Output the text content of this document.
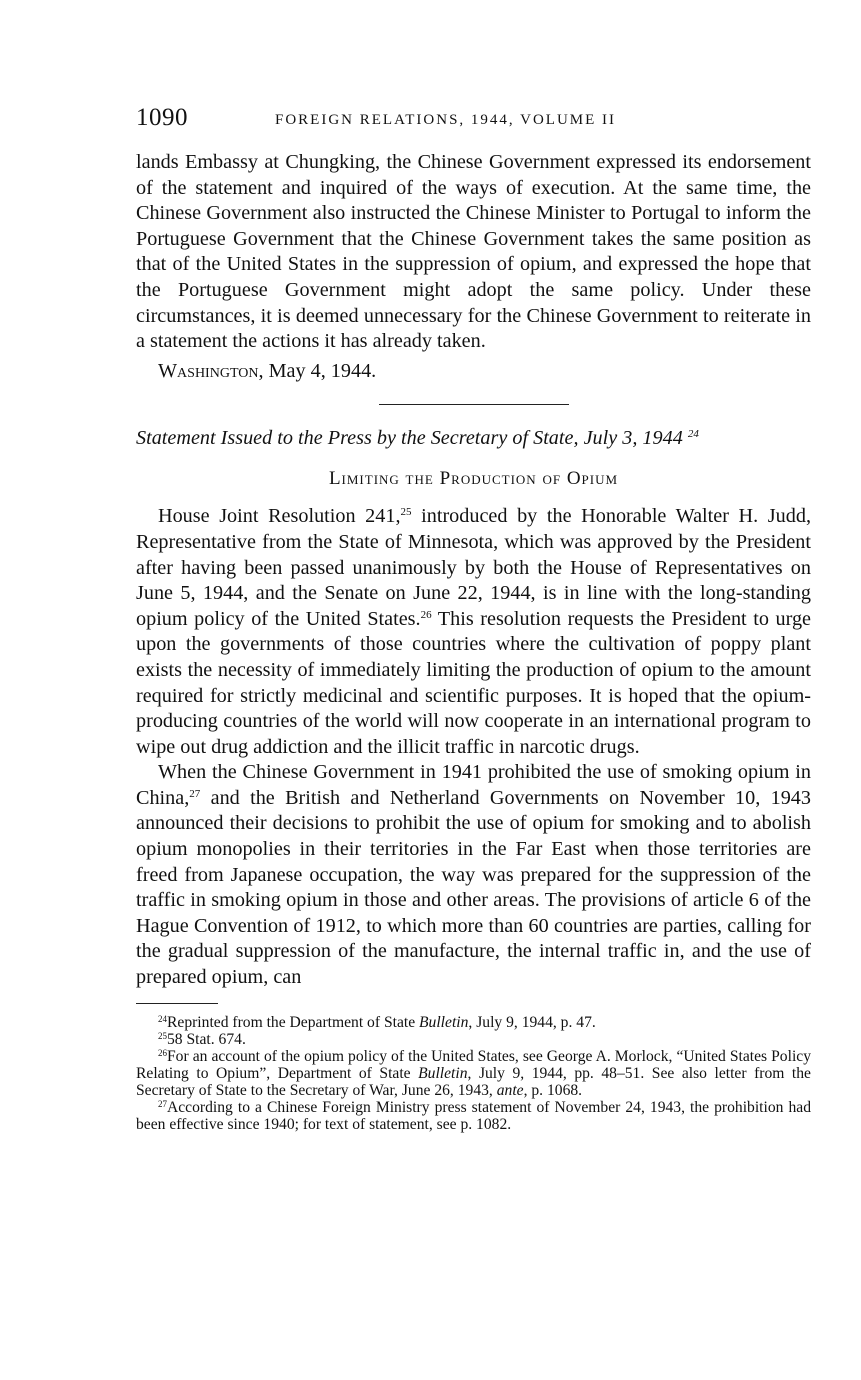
1090	FOREIGN RELATIONS, 1944, VOLUME II

lands Embassy at Chungking, the Chinese Government expressed its endorsement of the statement and inquired of the ways of execution. At the same time, the Chinese Government also instructed the Chinese Minister to Portugal to inform the Portuguese Government that the Chinese Government takes the same position as that of the United States in the suppression of opium, and expressed the hope that the Portuguese Government might adopt the same policy. Under these circumstances, it is deemed unnecessary for the Chinese Government to reiterate in a statement the actions it has already taken.

Washington, May 4, 1944.

Statement Issued to the Press by the Secretary of State, July 3, 1944 $^{24}$

Limiting the Production of Opium

House Joint Resolution 241,25 introduced by the Honorable Walter H. Judd, Representative from the State of Minnesota, which was approved by the President after having been passed unanimously by both the House of Representatives on June 5, 1944, and the Senate on June 22, 1944, is in line with the long-standing opium policy of the United States.$^{26}$ This resolution requests the President to urge upon the governments of those countries where the cultivation of poppy plant exists the necessity of immediately limiting the production of opium to the amount required for strictly medicinal and scientific purposes. It is hoped that the opium-producing countries of the world will now cooperate in an international program to wipe out drug addiction and the illicit traffic in narcotic drugs.

When the Chinese Government in 1941 prohibited the use of smoking opium in China,$^{27}$ and the British and Netherland Governments on November 10, 1943 announced their decisions to prohibit the use of opium for smoking and to abolish opium monopolies in their territories in the Far East when those territories are freed from Japanese occupation, the way was prepared for the suppression of the traffic in smoking opium in those and other areas. The provisions of article 6 of the Hague Convention of 1912, to which more than 60 countries are parties, calling for the gradual suppression of the manufacture, the internal traffic in, and the use of prepared opium, can

$^{24}$Reprinted from the Department of State Bulletin, July 9, 1944, p. 47.

$^{25}$58 Stat. 674.

$^{26}$For an account of the opium policy of the United States, see George A. Morlock, “United States Policy Relating to Opium”, Department of State Bulletin, July 9, 1944, pp. 48–51. See also letter from the Secretary of State to the Secretary of War, June 26, 1943, ante, p. 1068.

$^{27}$According to a Chinese Foreign Ministry press statement of November 24, 1943, the prohibition had been effective since 1940; for text of statement, see p. 1082.
